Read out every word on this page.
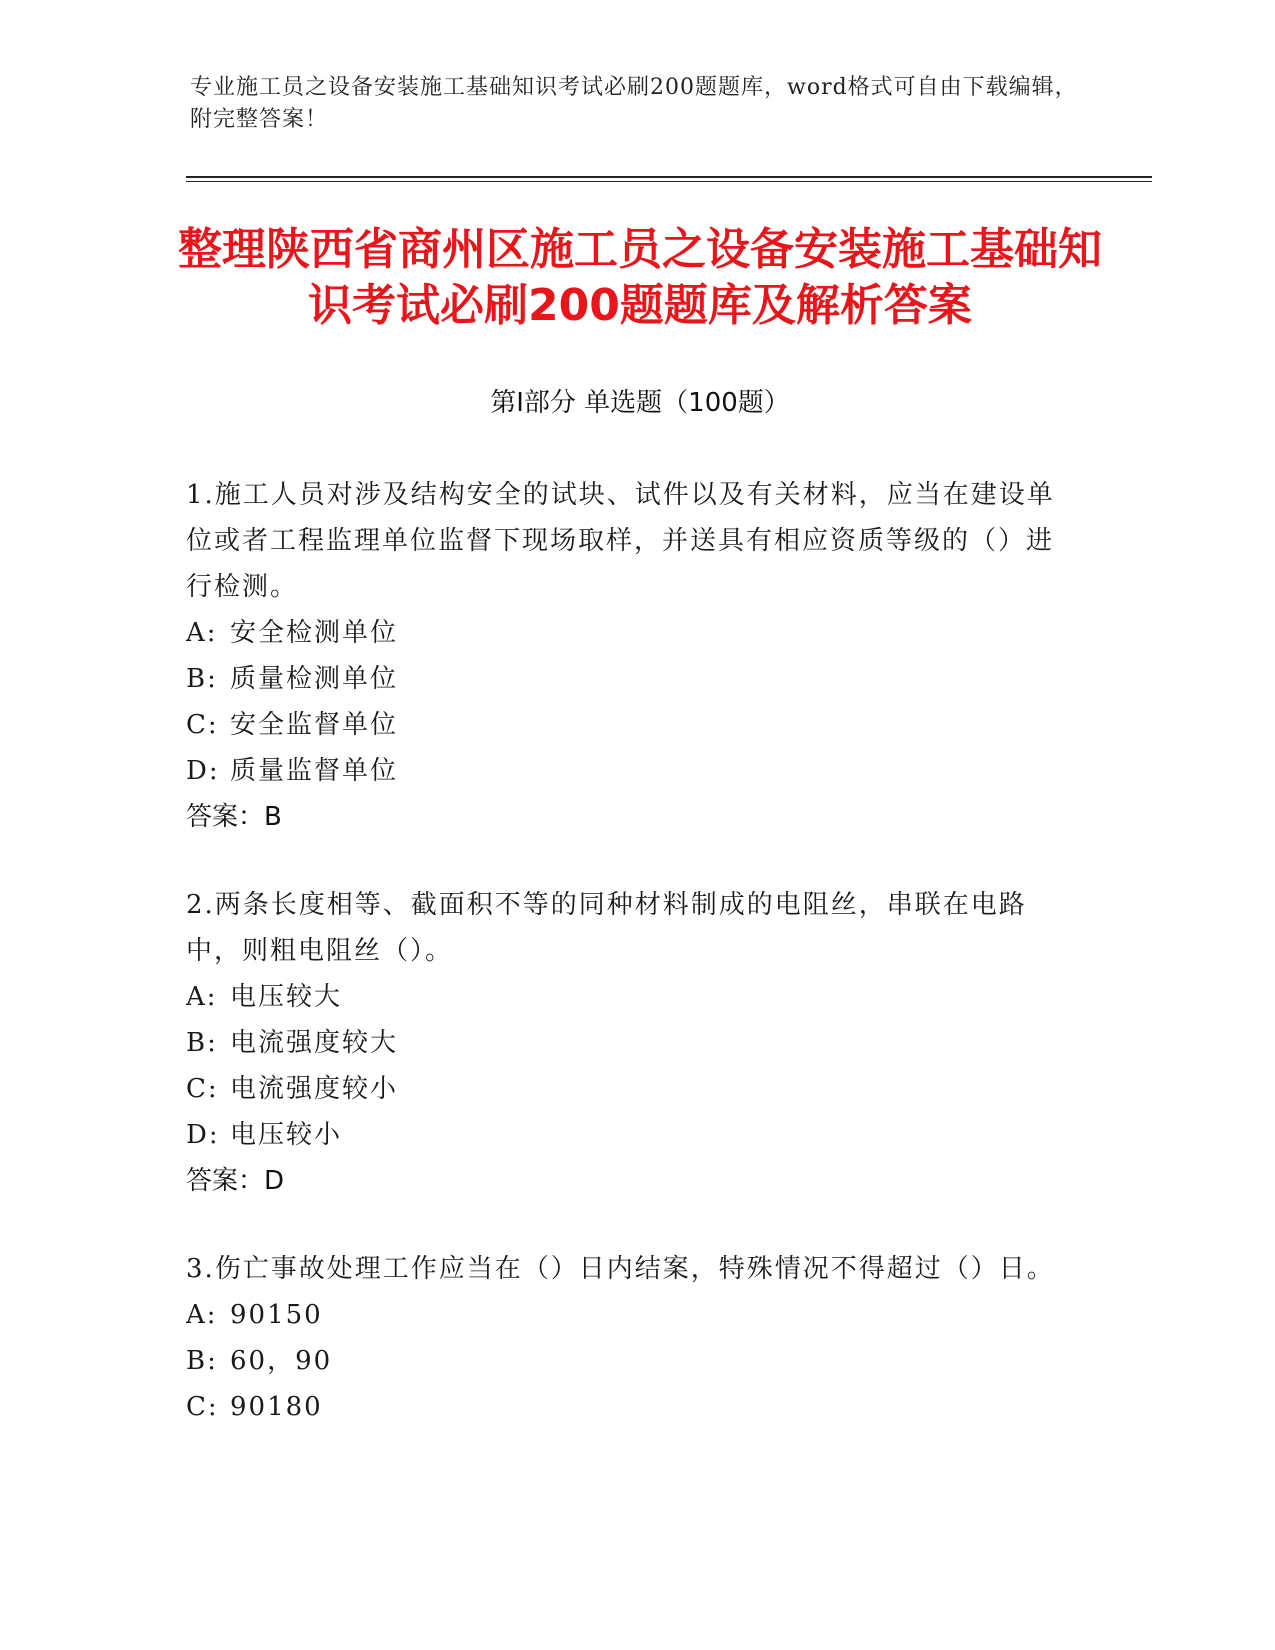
专业施工员之设备安装施工基础知识考试必刷200题题库，word格式可自由下载编辑，附完整答案！
整理陕西省商州区施工员之设备安装施工基础知识考试必刷200题题库及解析答案
第Ⅰ部分 单选题（100题）
1.施工人员对涉及结构安全的试块、试件以及有关材料，应当在建设单位或者工程监理单位监督下现场取样，并送具有相应资质等级的（）进行检测。
A: 安全检测单位
B: 质量检测单位
C: 安全监督单位
D: 质量监督单位
答案：B
2.两条长度相等、截面积不等的同种材料制成的电阻丝，串联在电路中，则粗电阻丝（）。
A: 电压较大
B: 电流强度较大
C: 电流强度较小
D: 电压较小
答案：D
3.伤亡事故处理工作应当在（）日内结案，特殊情况不得超过（）日。
A: 90150
B: 60，90
C: 90180
